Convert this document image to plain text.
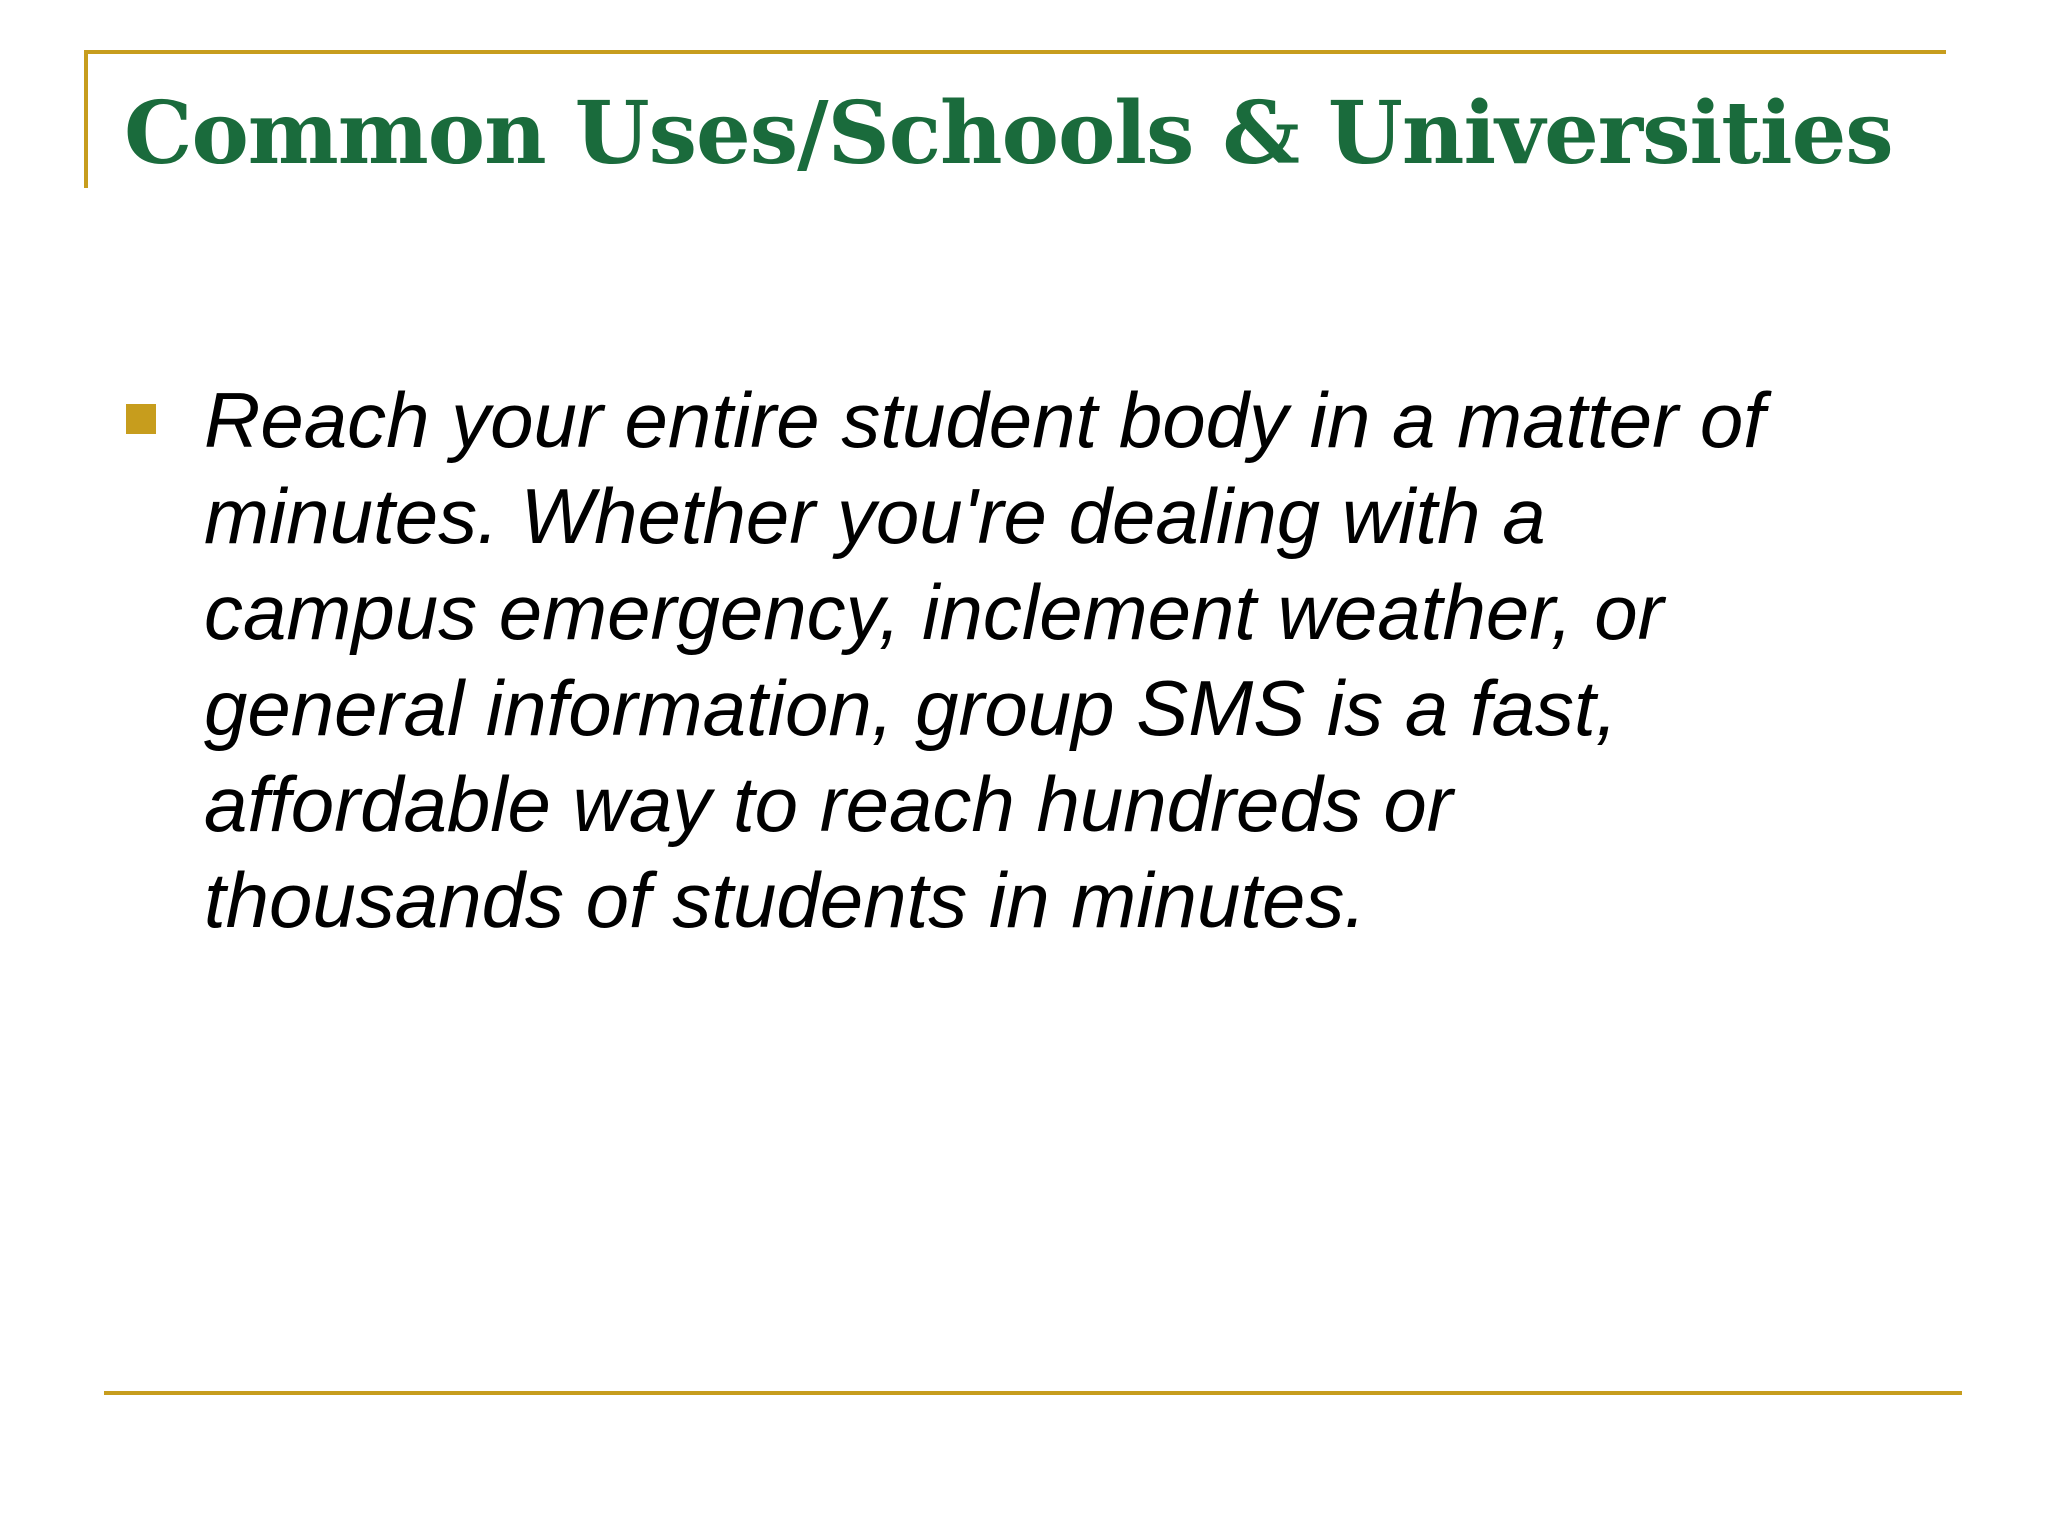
Common Uses/Schools & Universities
Reach your entire student body in a matter of
minutes. Whether you're dealing with a
campus emergency, inclement weather, or
general information, group SMS is a fast,
affordable way to reach hundreds or
thousands of students in minutes.
